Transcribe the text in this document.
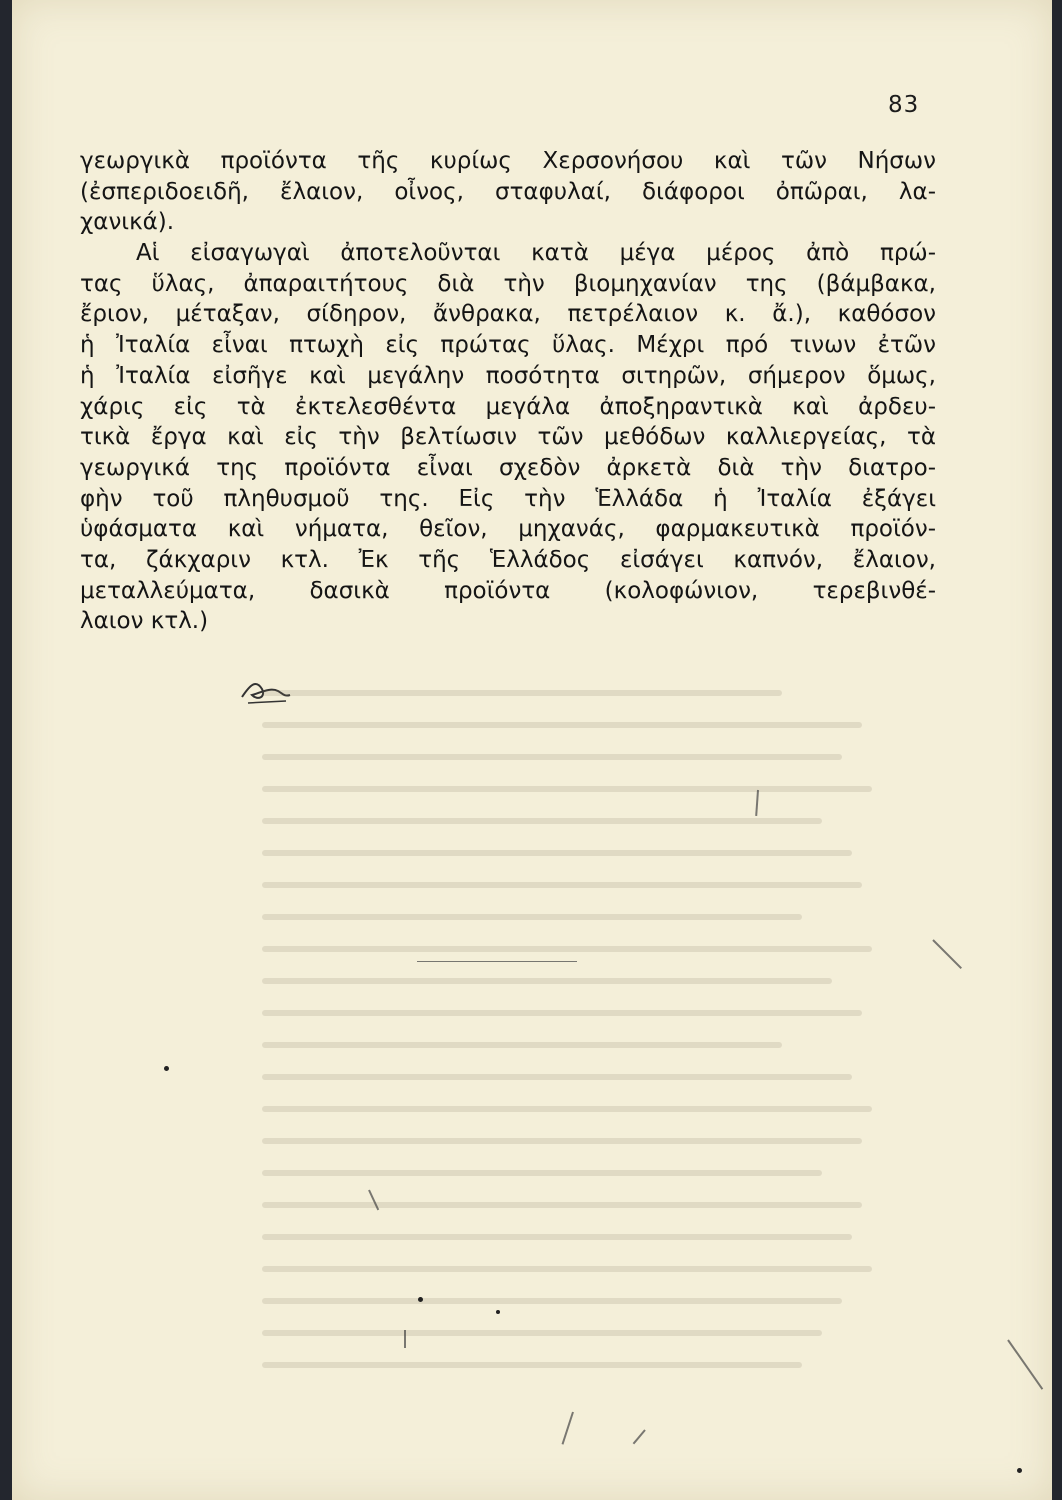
83
γεωργικὰ προϊόντα τῆς κυρίως Χερσονήσου καὶ τῶν Νήσων
(ἐσπεριδοειδῆ, ἔλαιον, οἶνος, σταφυλαί, διάφοροι ὀπῶραι, λα-
χανικά).
Αἱ εἰσαγωγαὶ ἀποτελοῦνται κατὰ μέγα μέρος ἀπὸ πρώ-
τας ὕλας, ἀπαραιτήτους διὰ τὴν βιομηχανίαν της (βάμβακα,
ἔριον, μέταξαν, σίδηρον, ἄνθρακα, πετρέλαιον κ. ἄ.), καθόσον
ἡ Ἰταλία εἶναι πτωχὴ εἰς πρώτας ὕλας. Μέχρι πρό τινων ἐτῶν
ἡ Ἰταλία εἰσῆγε καὶ μεγάλην ποσότητα σιτηρῶν, σήμερον ὅμως,
χάρις εἰς τὰ ἐκτελεσθέντα μεγάλα ἀποξηραντικὰ καὶ ἀρδευ-
τικὰ ἔργα καὶ εἰς τὴν βελτίωσιν τῶν μεθόδων καλλιεργείας, τὰ
γεωργικά της προϊόντα εἶναι σχεδὸν ἀρκετὰ διὰ τὴν διατρο-
φὴν τοῦ πληθυσμοῦ της. Εἰς τὴν Ἑλλάδα ἡ Ἰταλία ἐξάγει
ὑφάσματα καὶ νήματα, θεῖον, μηχανάς, φαρμακευτικὰ προϊόν-
τα, ζάκχαριν κτλ. Ἐκ τῆς Ἑλλάδος εἰσάγει καπνόν, ἔλαιον,
μεταλλεύματα, δασικὰ προϊόντα (κολοφώνιον, τερεβινθέ-
λαιον κτλ.)
